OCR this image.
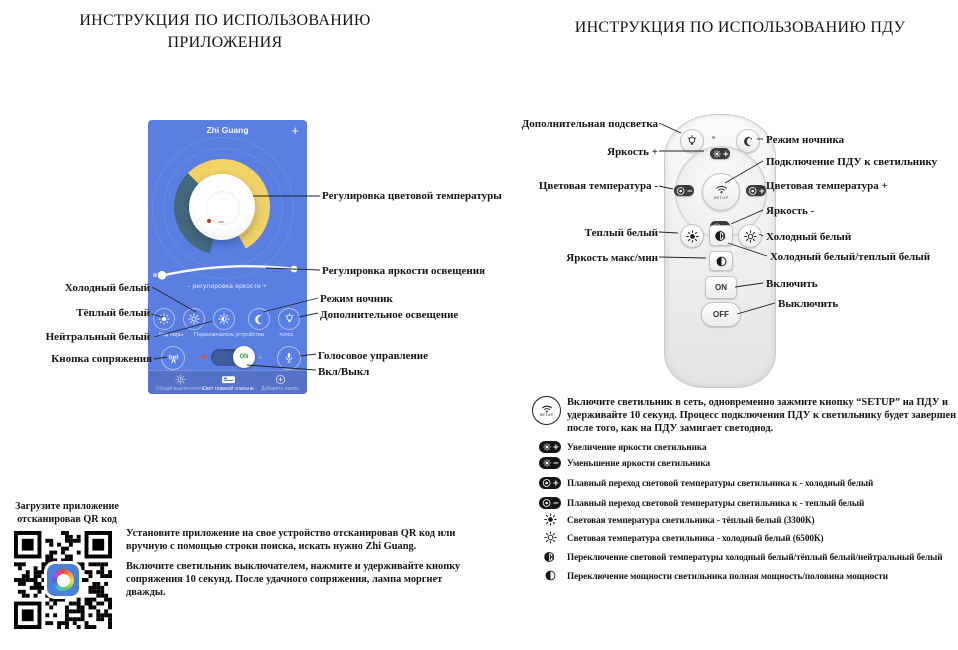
ИНСТРУКЦИЯ ПО ИСПОЛЬЗОВАНИЮ
ПРИЛОЖЕНИЯ
Zhi Guang	+
- регулировка яркости +
Код пары	Переключатель устройства	голос
ON
Общий выключатель
Свет главной спальни	Добавить лампу
Холодный белый
Тёплый белый
Нейтральный белый
Кнопка сопряжения
Регулировка цветовой температуры
Регулировка яркости освещения
Режим ночник
Дополнительное освещение
Голосовое управление
Вкл/Выкл
Загрузите приложение
отсканировав QR код
Установите приложение на свое устройство отсканировав QR код или вручную с помощью строки поиска, искать нужно Zhi Guang.
Включите светильник выключателем, нажмите и удерживайте кнопку сопряжения 10 секунд. После удачного сопряжения, лампа моргнет дважды.
ИНСТРУКЦИЯ ПО ИСПОЛЬЗОВАНИЮ ПДУ
SETUP
K
ON
OFF
Дополнительная подсветка
Яркость +
Цветовая температура -
Теплый белый
Яркость макс/мин
Режим ночника
Подключение ПДУ к светильнику
Цветовая температура +
Яркость -
Холодный белый
Холодный белый/теплый белый
Включить
Выключить
SETUP
Включите светильник в сеть, одновременно зажмите кнопку “SETUP” на ПДУ и удерживайте 10 секунд. Процесс подключения ПДУ к светильнику будет завершен после того, как на ПДУ замигает светодиод.
Увеличение яркости светильника
Уменьшение яркости светильника
Плавный переход световой температуры светильника к - холодный белый
Плавный переход световой температуры светильника к - теплый белый
Световая температура светильника - тёплый белый (3300К)
Световая температура светильника - холодный белый (6500К)
K Переключение световой температуры холодный белый/тёплый белый/нейтральный белый
Переключение мощности светильника полная мощность/половина мощности
